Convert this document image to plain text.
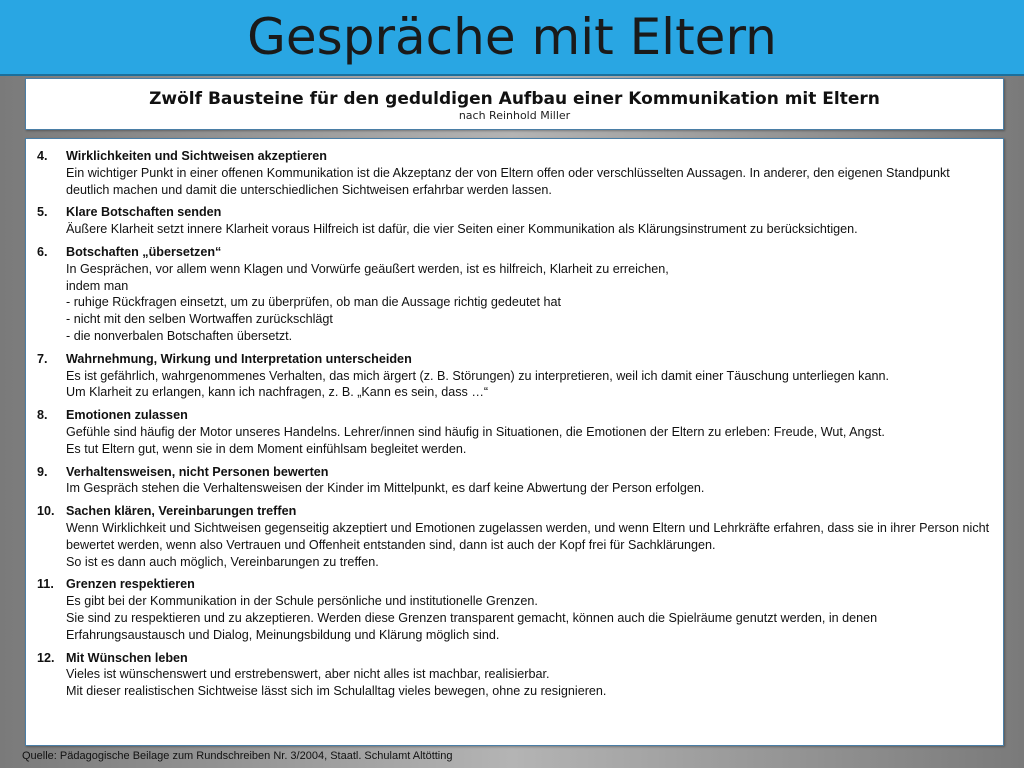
Gespräche mit Eltern
Zwölf Bausteine für den geduldigen Aufbau einer Kommunikation mit Eltern
nach Reinhold Miller
4.	Wirklichkeiten und Sichtweisen akzeptieren
Ein wichtiger Punkt in einer offenen Kommunikation ist die Akzeptanz der von Eltern offen oder verschlüsselten Aussagen. In anderer, den eigenen Standpunkt deutlich machen und damit die unterschiedlichen Sichtweisen erfahrbar werden lassen.
5.	Klare Botschaften senden
Äußere Klarheit setzt innere Klarheit voraus Hilfreich ist dafür, die vier Seiten einer Kommunikation als Klärungsinstrument zu berücksichtigen.
6.	Botschaften „übersetzen“
In Gesprächen, vor allem wenn Klagen und Vorwürfe geäußert werden, ist es hilfreich, Klarheit zu erreichen,
indem man
- ruhige Rückfragen einsetzt, um zu überprüfen, ob man die Aussage richtig gedeutet hat
- nicht mit den selben Wortwaffen zurückschlägt
- die nonverbalen Botschaften übersetzt.
7.	Wahrnehmung, Wirkung und Interpretation unterscheiden
Es ist gefährlich, wahrgenommenes Verhalten, das mich ärgert (z. B. Störungen) zu interpretieren, weil ich damit einer Täuschung unterliegen kann.
Um Klarheit zu erlangen, kann ich nachfragen, z. B. „Kann es sein, dass …“
8.	Emotionen zulassen
Gefühle sind häufig der Motor unseres Handelns. Lehrer/innen sind häufig in Situationen, die Emotionen der Eltern zu erleben: Freude, Wut, Angst.
Es tut Eltern gut, wenn sie in dem Moment einfühlsam begleitet werden.
9.	Verhaltensweisen, nicht Personen bewerten
Im Gespräch stehen die Verhaltensweisen der Kinder im Mittelpunkt, es darf keine Abwertung der Person erfolgen.
10. Sachen klären, Vereinbarungen treffen
Wenn Wirklichkeit und Sichtweisen gegenseitig akzeptiert und Emotionen zugelassen werden, und wenn Eltern und Lehrkräfte erfahren, dass sie in ihrer Person nicht bewertet werden, wenn also Vertrauen und Offenheit entstanden sind, dann ist auch der Kopf frei für Sachklärungen.
So ist es dann auch möglich, Vereinbarungen zu treffen.
11. Grenzen respektieren
Es gibt bei der Kommunikation in der Schule persönliche und institutionelle Grenzen.
Sie sind zu respektieren und zu akzeptieren. Werden diese Grenzen transparent gemacht, können auch die Spielräume genutzt werden, in denen Erfahrungsaustausch und Dialog, Meinungsbildung und Klärung möglich sind.
12. Mit Wünschen leben
Vieles ist wünschenswert und erstrebenswert, aber nicht alles ist machbar, realisierbar.
Mit dieser realistischen Sichtweise lässt sich im Schulalltag vieles bewegen, ohne zu resignieren.
Quelle: Pädagogische Beilage zum Rundschreiben Nr. 3/2004, Staatl. Schulamt Altötting
